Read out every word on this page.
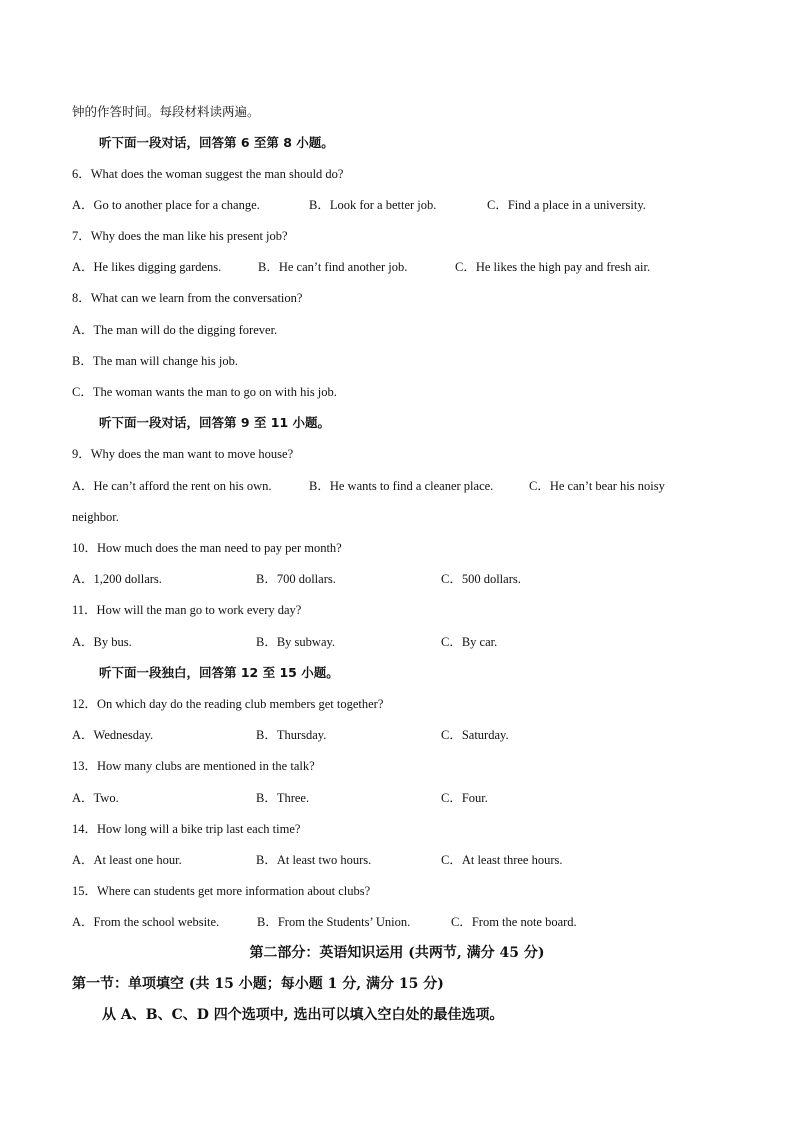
钟的作答时间。每段材料读两遍。
听下面一段对话，回答第 6 至第 8 小题。
6．What does the woman suggest the man should do?
A．Go to another place for a change.	B．Look for a better job.	C．Find a place in a university.
7．Why does the man like his present job?
A．He likes digging gardens.	B．He can’t find another job.	C．He likes the high pay and fresh air.
8．What can we learn from the conversation?
A．The man will do the digging forever.
B．The man will change his job.
C．The woman wants the man to go on with his job.
听下面一段对话，回答第 9 至 11 小题。
9．Why does the man want to move house?
A．He can’t afford the rent on his own.	B．He wants to find a cleaner place.	C．He can’t bear his noisy
neighbor.
10．How much does the man need to pay per month?
A．1,200 dollars.	B．700 dollars.	C．500 dollars.
11．How will the man go to work every day?
A．By bus.	B．By subway.	C．By car.
听下面一段独白，回答第 12 至 15 小题。
12．On which day do the reading club members get together?
A．Wednesday.	B．Thursday.	C．Saturday.
13．How many clubs are mentioned in the talk?
A．Two.	B．Three.	C．Four.
14．How long will a bike trip last each time?
A．At least one hour.	B．At least two hours.	C．At least three hours.
15．Where can students get more information about clubs?
A．From the school website.	B．From the Students’ Union.	C．From the note board.
第二部分：英语知识运用 (共两节, 满分 45 分)
第一节：单项填空 (共 15 小题；每小题 1 分, 满分 15 分)
从 A、B、C、D 四个选项中, 选出可以填入空白处的最佳选项。
